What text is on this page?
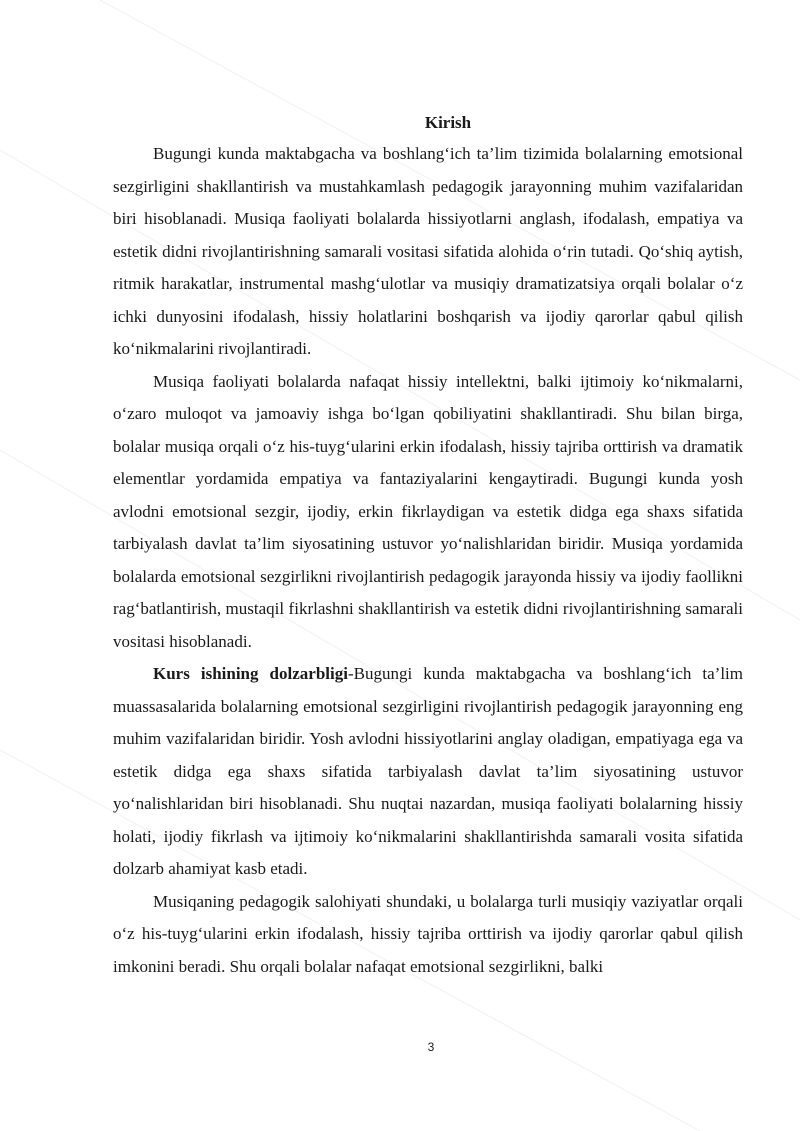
Kirish

Bugungi kunda maktabgacha va boshlang‘ich ta’lim tizimida bolalarning emotsional sezgirligini shakllantirish va mustahkamlash pedagogik jarayonning muhim vazifalaridan biri hisoblanadi. Musiqa faoliyati bolalarda hissiyotlarni anglash, ifodalash, empatiya va estetik didni rivojlantirishning samarali vositasi sifatida alohida o‘rin tutadi. Qo‘shiq aytish, ritmik harakatlar, instrumental mashg‘ulotlar va musiqiy dramatizatsiya orqali bolalar o‘z ichki dunyosini ifodalash, hissiy holatlarini boshqarish va ijodiy qarorlar qabul qilish ko‘nikmalarini rivojlantiradi.

Musiqa faoliyati bolalarda nafaqat hissiy intellektni, balki ijtimoiy ko‘nikmalarni, o‘zaro muloqot va jamoaviy ishga bo‘lgan qobiliyatini shakllantiradi. Shu bilan birga, bolalar musiqa orqali o‘z his-tuyg‘ularini erkin ifodalash, hissiy tajriba orttirish va dramatik elementlar yordamida empatiya va fantaziyalarini kengaytiradi. Bugungi kunda yosh avlodni emotsional sezgir, ijodiy, erkin fikrlaydigan va estetik didga ega shaxs sifatida tarbiyalash davlat ta’lim siyosatining ustuvor yo‘nalishlaridan biridir. Musiqa yordamida bolalarda emotsional sezgirlikni rivojlantirish pedagogik jarayonda hissiy va ijodiy faollikni rag‘batlantirish, mustaqil fikrlashni shakllantirish va estetik didni rivojlantirishning samarali vositasi hisoblanadi.

Kurs ishining dolzarbligi-Bugungi kunda maktabgacha va boshlang‘ich ta’lim muassasalarida bolalarning emotsional sezgirligini rivojlantirish pedagogik jarayonning eng muhim vazifalaridan biridir. Yosh avlodni hissiyotlarini anglay oladigan, empatiyaga ega va estetik didga ega shaxs sifatida tarbiyalash davlat ta’lim siyosatining ustuvor yo‘nalishlaridan biri hisoblanadi. Shu nuqtai nazardan, musiqa faoliyati bolalarning hissiy holati, ijodiy fikrlash va ijtimoiy ko‘nikmalarini shakllantirishda samarali vosita sifatida dolzarb ahamiyat kasb etadi.

Musiqaning pedagogik salohiyati shundaki, u bolalarga turli musiqiy vaziyatlar orqali o‘z his-tuyg‘ularini erkin ifodalash, hissiy tajriba orttirish va ijodiy qarorlar qabul qilish imkonini beradi. Shu orqali bolalar nafaqat emotsional sezgirlikni, balki

3
